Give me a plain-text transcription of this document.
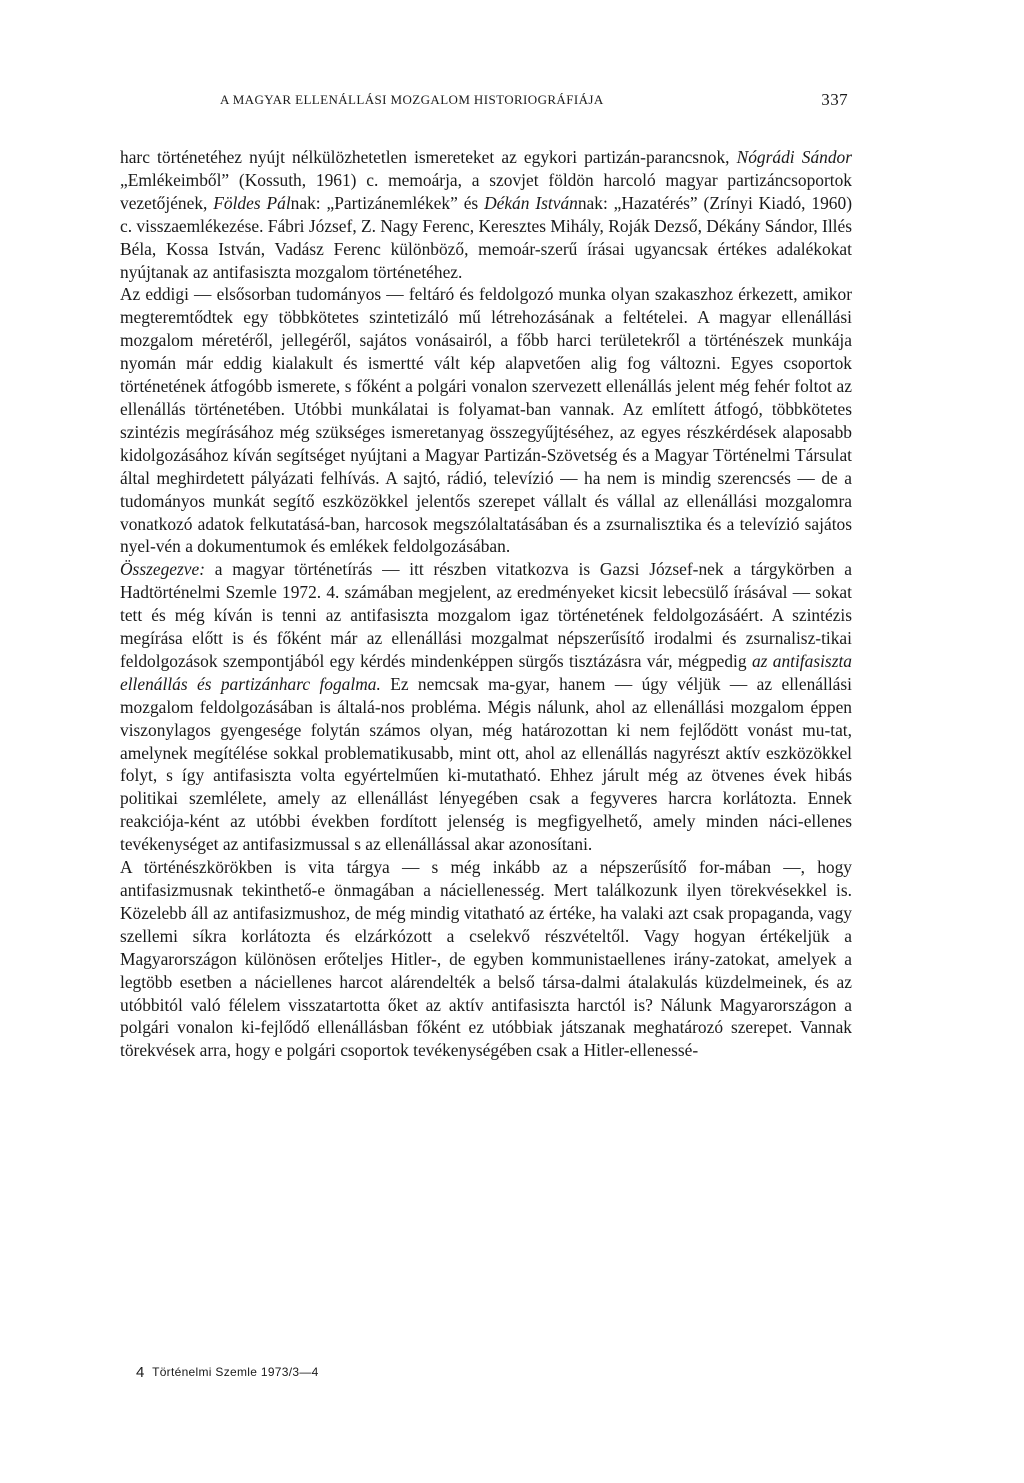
A MAGYAR ELLENÁLLÁSI MOZGALOM HISTORIOGRÁFIÁJA	337

harc történetéhez nyújt nélkülözhetetlen ismereteket az egykori partizán-parancsnok, Nógrádi Sándor „Emlékeimből” (Kossuth, 1961) c. memoárja, a szovjet földön harcoló magyar partizáncsoportok vezetőjének, Földes Pálnak: „Partizánemlékek” és Dékán Istvánnak: „Hazatérés” (Zrínyi Kiadó, 1960) c. visszaemlékezése. Fábri József, Z. Nagy Ferenc, Keresztes Mihály, Roják Dezső, Dékány Sándor, Illés Béla, Kossa István, Vadász Ferenc különböző, memoár-szerű írásai ugyancsak értékes adalékokat nyújtanak az antifasiszta mozgalom történetéhez.

Az eddigi — elsősorban tudományos — feltáró és feldolgozó munka olyan szakaszhoz érkezett, amikor megteremtődtek egy többkötetes szintetizáló mű létrehozásának a feltételei. A magyar ellenállási mozgalom méretéről, jellegéről, sajátos vonásairól, a főbb harci területekről a történészek munkája nyomán már eddig kialakult és ismertté vált kép alapvetően alig fog változni. Egyes csoportok történetének átfogóbb ismerete, s főként a polgári vonalon szervezett ellenállás jelent még fehér foltot az ellenállás történetében. Utóbbi munkálatai is folyamat-ban vannak. Az említett átfogó, többkötetes szintézis megírásához még szükséges ismeretanyag összegyűjtéséhez, az egyes részkérdések alaposabb kidolgozásához kíván segítséget nyújtani a Magyar Partizán-Szövetség és a Magyar Történelmi Társulat által meghirdetett pályázati felhívás. A sajtó, rádió, televízió — ha nem is mindig szerencsés — de a tudományos munkát segítő eszközökkel jelentős szerepet vállalt és vállal az ellenállási mozgalomra vonatkozó adatok felkutatásá-ban, harcosok megszólaltatásában és a zsurnalisztika és a televízió sajátos nyel-vén a dokumentumok és emlékek feldolgozásában.

Összegezve: a magyar történetírás — itt részben vitatkozva is Gazsi József-nek a tárgykörben a Hadtörténelmi Szemle 1972. 4. számában megjelent, az eredményeket kicsit lebecsülő írásával — sokat tett és még kíván is tenni az antifasiszta mozgalom igaz történetének feldolgozásáért. A szintézis megírása előtt is és főként már az ellenállási mozgalmat népszerűsítő irodalmi és zsurnalisz-tikai feldolgozások szempontjából egy kérdés mindenképpen sürgős tisztázásra vár, mégpedig az antifasiszta ellenállás és partizánharc fogalma. Ez nemcsak ma-gyar, hanem — úgy véljük — az ellenállási mozgalom feldolgozásában is általá-nos probléma. Mégis nálunk, ahol az ellenállási mozgalom éppen viszonylagos gyengesége folytán számos olyan, még határozottan ki nem fejlődött vonást mu-tat, amelynek megítélése sokkal problematikusabb, mint ott, ahol az ellenállás nagyrészt aktív eszközökkel folyt, s így antifasiszta volta egyértelműen ki-mutatható. Ehhez járult még az ötvenes évek hibás politikai szemlélete, amely az ellenállást lényegében csak a fegyveres harcra korlátozta. Ennek reakciója-ként az utóbbi években fordított jelenség is megfigyelhető, amely minden náci-ellenes tevékenységet az antifasizmussal s az ellenállással akar azonosítani.

A történészkörökben is vita tárgya — s még inkább az a népszerűsítő for-mában —, hogy antifasizmusnak tekinthető-e önmagában a náciellenesség. Mert találkozunk ilyen törekvésekkel is. Közelebb áll az antifasizmushoz, de még mindig vitatható az értéke, ha valaki azt csak propaganda, vagy szellemi síkra korlátozta és elzárkózott a cselekvő részvételtől. Vagy hogyan értékeljük a Magyarországon különösen erőteljes Hitler-, de egyben kommunistaellenes irány-zatokat, amelyek a legtöbb esetben a náciellenes harcot alárendelték a belső társa-dalmi átalakulás küzdelmeinek, és az utóbbitól való félelem visszatartotta őket az aktív antifasiszta harctól is? Nálunk Magyarországon a polgári vonalon ki-fejlődő ellenállásban főként ez utóbbiak játszanak meghatározó szerepet. Vannak törekvések arra, hogy e polgári csoportok tevékenységében csak a Hitler-ellenessé-

4 Történelmi Szemle 1973/3—4
